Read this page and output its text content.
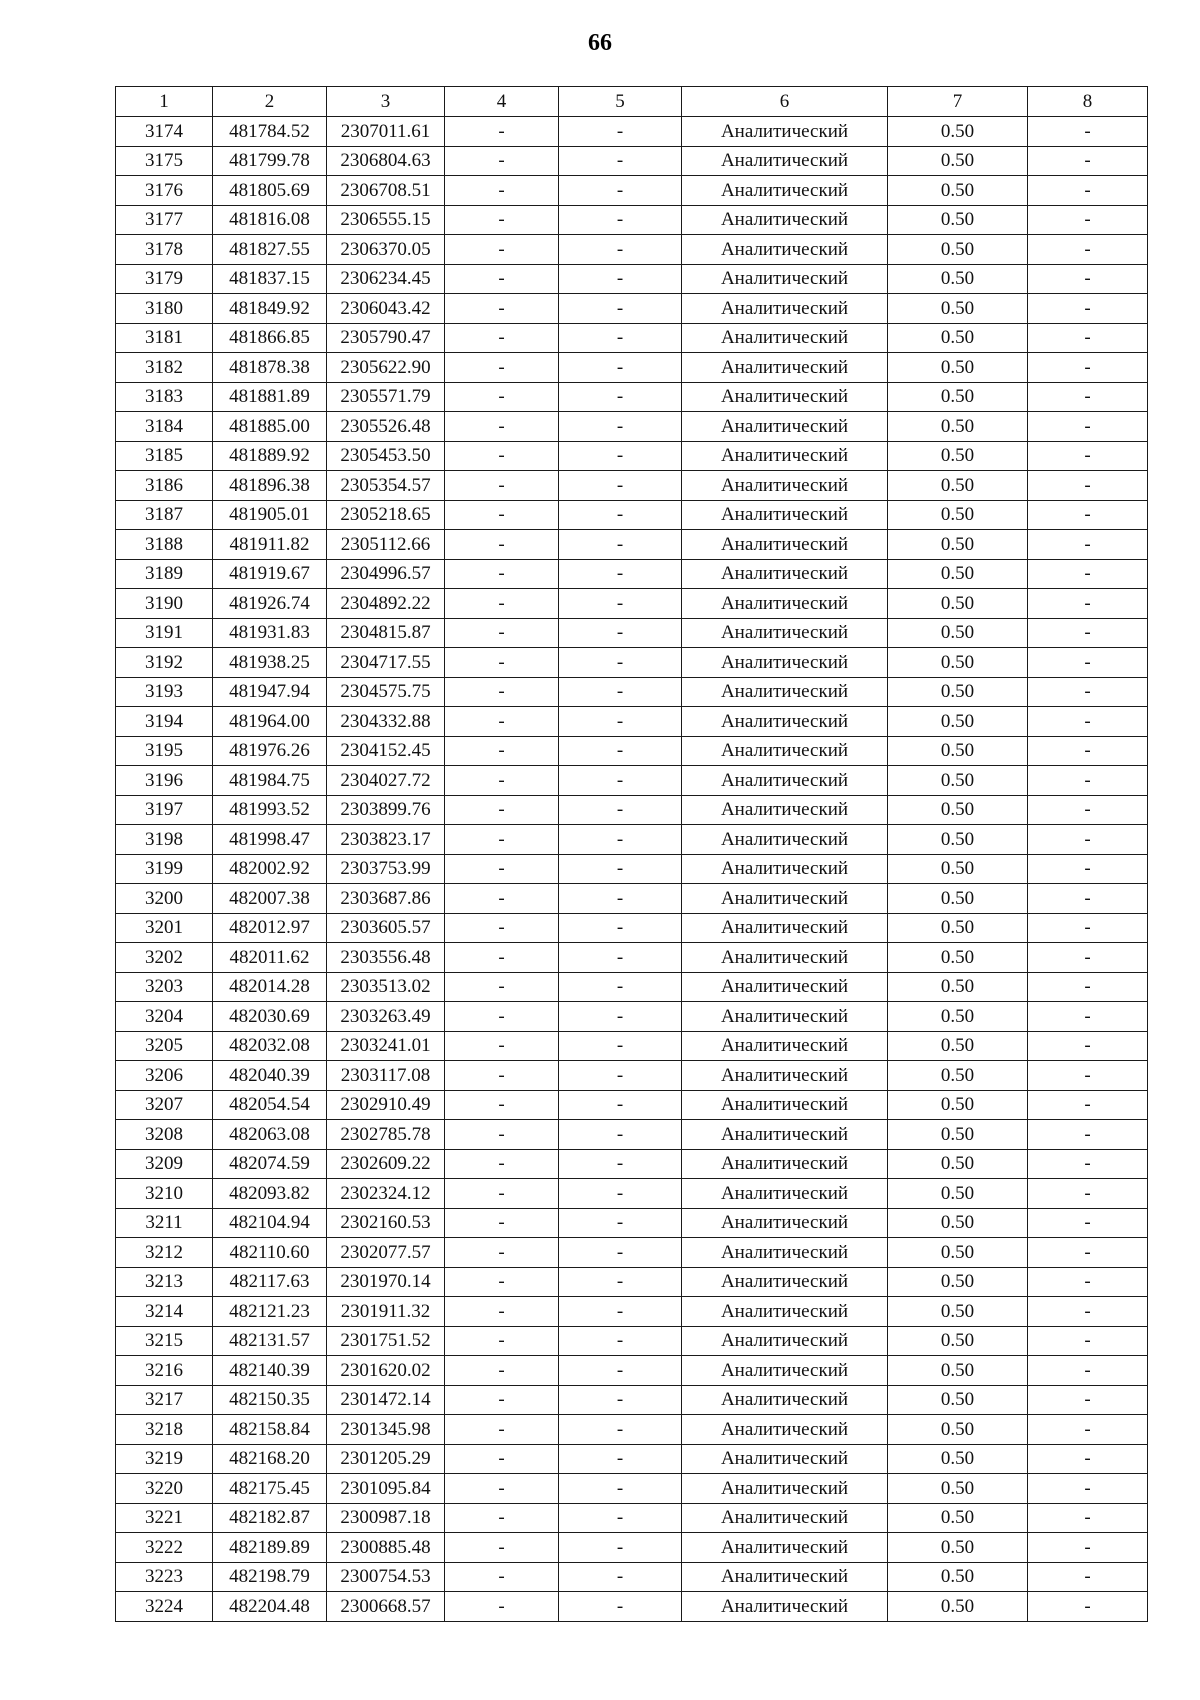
66
1	2	3	4	5	6	7	8
3174	481784.52	2307011.61	-	-	Аналитический	0.50	-
3175	481799.78	2306804.63	-	-	Аналитический	0.50	-
3176	481805.69	2306708.51	-	-	Аналитический	0.50	-
3177	481816.08	2306555.15	-	-	Аналитический	0.50	-
3178	481827.55	2306370.05	-	-	Аналитический	0.50	-
3179	481837.15	2306234.45	-	-	Аналитический	0.50	-
3180	481849.92	2306043.42	-	-	Аналитический	0.50	-
3181	481866.85	2305790.47	-	-	Аналитический	0.50	-
3182	481878.38	2305622.90	-	-	Аналитический	0.50	-
3183	481881.89	2305571.79	-	-	Аналитический	0.50	-
3184	481885.00	2305526.48	-	-	Аналитический	0.50	-
3185	481889.92	2305453.50	-	-	Аналитический	0.50	-
3186	481896.38	2305354.57	-	-	Аналитический	0.50	-
3187	481905.01	2305218.65	-	-	Аналитический	0.50	-
3188	481911.82	2305112.66	-	-	Аналитический	0.50	-
3189	481919.67	2304996.57	-	-	Аналитический	0.50	-
3190	481926.74	2304892.22	-	-	Аналитический	0.50	-
3191	481931.83	2304815.87	-	-	Аналитический	0.50	-
3192	481938.25	2304717.55	-	-	Аналитический	0.50	-
3193	481947.94	2304575.75	-	-	Аналитический	0.50	-
3194	481964.00	2304332.88	-	-	Аналитический	0.50	-
3195	481976.26	2304152.45	-	-	Аналитический	0.50	-
3196	481984.75	2304027.72	-	-	Аналитический	0.50	-
3197	481993.52	2303899.76	-	-	Аналитический	0.50	-
3198	481998.47	2303823.17	-	-	Аналитический	0.50	-
3199	482002.92	2303753.99	-	-	Аналитический	0.50	-
3200	482007.38	2303687.86	-	-	Аналитический	0.50	-
3201	482012.97	2303605.57	-	-	Аналитический	0.50	-
3202	482011.62	2303556.48	-	-	Аналитический	0.50	-
3203	482014.28	2303513.02	-	-	Аналитический	0.50	-
3204	482030.69	2303263.49	-	-	Аналитический	0.50	-
3205	482032.08	2303241.01	-	-	Аналитический	0.50	-
3206	482040.39	2303117.08	-	-	Аналитический	0.50	-
3207	482054.54	2302910.49	-	-	Аналитический	0.50	-
3208	482063.08	2302785.78	-	-	Аналитический	0.50	-
3209	482074.59	2302609.22	-	-	Аналитический	0.50	-
3210	482093.82	2302324.12	-	-	Аналитический	0.50	-
3211	482104.94	2302160.53	-	-	Аналитический	0.50	-
3212	482110.60	2302077.57	-	-	Аналитический	0.50	-
3213	482117.63	2301970.14	-	-	Аналитический	0.50	-
3214	482121.23	2301911.32	-	-	Аналитический	0.50	-
3215	482131.57	2301751.52	-	-	Аналитический	0.50	-
3216	482140.39	2301620.02	-	-	Аналитический	0.50	-
3217	482150.35	2301472.14	-	-	Аналитический	0.50	-
3218	482158.84	2301345.98	-	-	Аналитический	0.50	-
3219	482168.20	2301205.29	-	-	Аналитический	0.50	-
3220	482175.45	2301095.84	-	-	Аналитический	0.50	-
3221	482182.87	2300987.18	-	-	Аналитический	0.50	-
3222	482189.89	2300885.48	-	-	Аналитический	0.50	-
3223	482198.79	2300754.53	-	-	Аналитический	0.50	-
3224	482204.48	2300668.57	-	-	Аналитический	0.50	-
